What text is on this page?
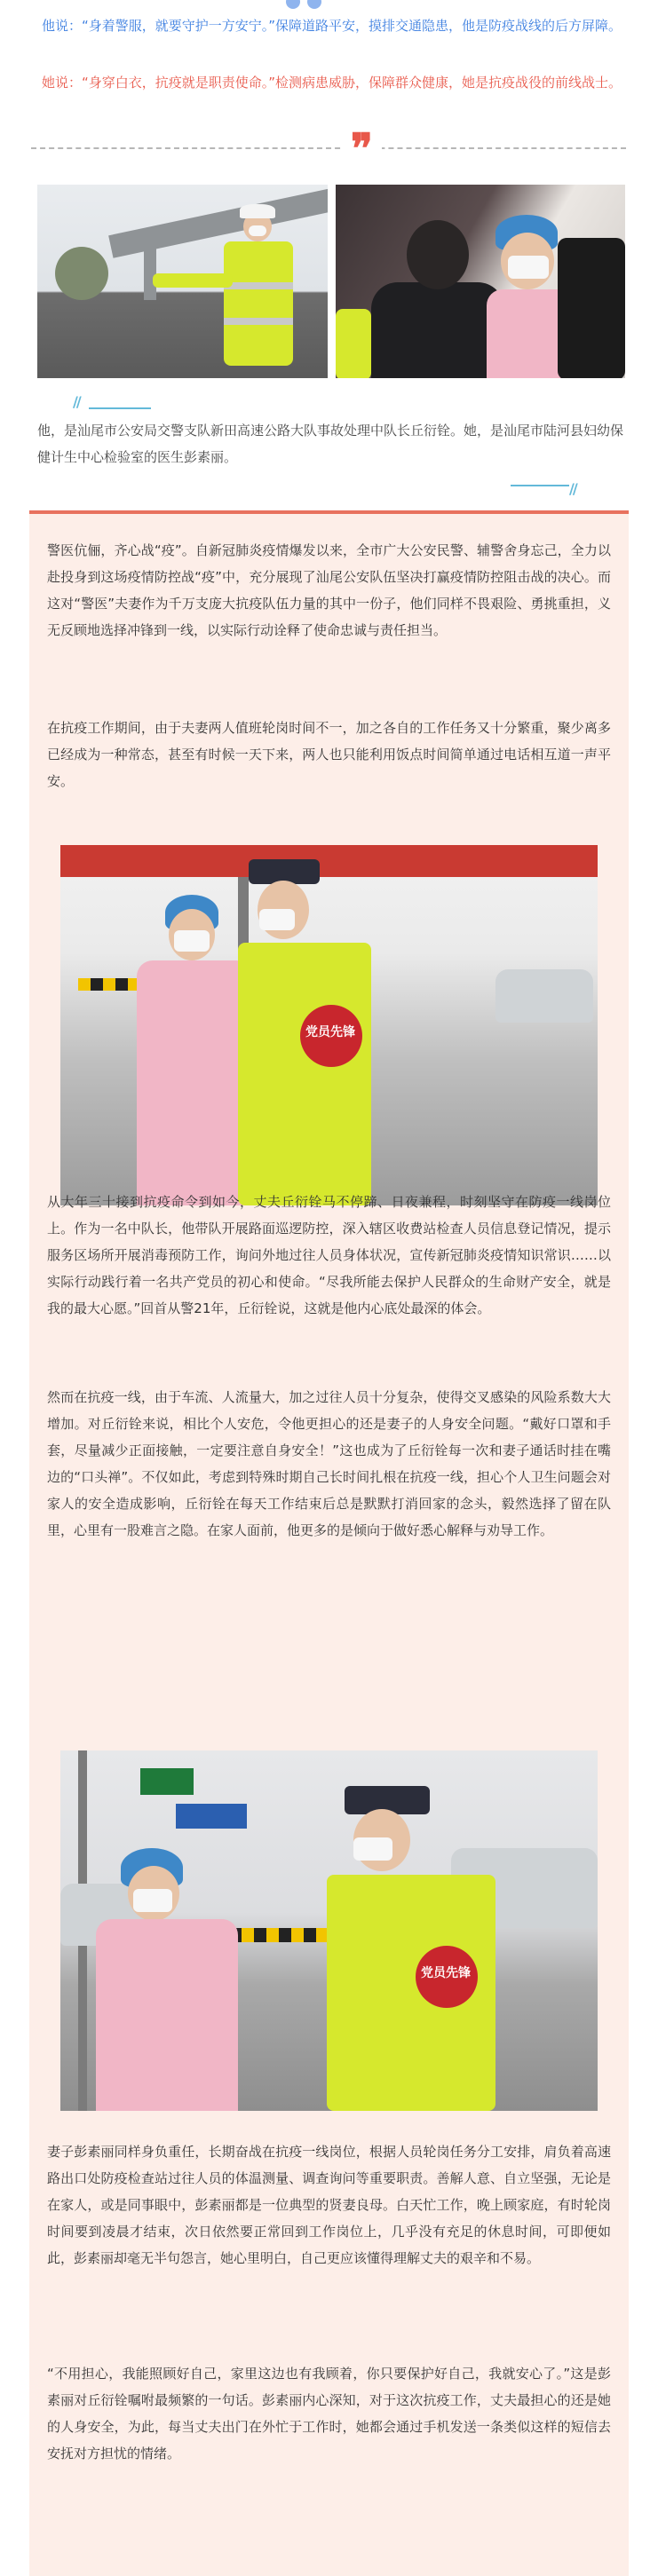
他说：“身着警服，就要守护一方安宁。”保障道路平安，摸排交通隐患，他是防疫战线的后方屏障。

她说：“身穿白衣，抗疫就是职责使命。”检测病患威胁，保障群众健康，她是抗疫战役的前线战士。

❞
//

他，是汕尾市公安局交警支队新田高速公路大队事故处理中队长丘衍铨。她，是汕尾市陆河县妇幼保健计生中心检验室的医生彭素丽。

//

警医伉俪，齐心战“疫”。自新冠肺炎疫情爆发以来，全市广大公安民警、辅警舍身忘己，全力以赴投身到这场疫情防控战“疫”中，充分展现了汕尾公安队伍坚决打赢疫情防控阻击战的决心。而这对“警医”夫妻作为千万支庞大抗疫队伍力量的其中一份子，他们同样不畏艰险、勇挑重担，义无反顾地选择冲锋到一线，以实际行动诠释了使命忠诚与责任担当。

在抗疫工作期间，由于夫妻两人值班轮岗时间不一，加之各自的工作任务又十分繁重，聚少离多已经成为一种常态，甚至有时候一天下来，两人也只能利用饭点时间简单通过电话相互道一声平安。

党员先锋

从大年三十接到抗疫命令到如今，丈夫丘衍铨马不停蹄、日夜兼程，时刻坚守在防疫一线岗位上。作为一名中队长，他带队开展路面巡逻防控，深入辖区收费站检查人员信息登记情况，提示服务区场所开展消毒预防工作，询问外地过往人员身体状况，宣传新冠肺炎疫情知识常识……以实际行动践行着一名共产党员的初心和使命。“尽我所能去保护人民群众的生命财产安全，就是我的最大心愿。”回首从警21年，丘衍铨说，这就是他内心底处最深的体会。

然而在抗疫一线，由于车流、人流量大，加之过往人员十分复杂，使得交叉感染的风险系数大大增加。对丘衍铨来说，相比个人安危，令他更担心的还是妻子的人身安全问题。“戴好口罩和手套，尽量减少正面接触，一定要注意自身安全！”这也成为了丘衍铨每一次和妻子通话时挂在嘴边的“口头禅”。不仅如此，考虑到特殊时期自己长时间扎根在抗疫一线，担心个人卫生问题会对家人的安全造成影响，丘衍铨在每天工作结束后总是默默打消回家的念头，毅然选择了留在队里，心里有一股难言之隐。在家人面前，他更多的是倾向于做好悉心解释与劝导工作。

党员先锋

妻子彭素丽同样身负重任，长期奋战在抗疫一线岗位，根据人员轮岗任务分工安排，肩负着高速路出口处防疫检查站过往人员的体温测量、调查询问等重要职责。善解人意、自立坚强，无论是在家人，或是同事眼中，彭素丽都是一位典型的贤妻良母。白天忙工作，晚上顾家庭，有时轮岗时间要到凌晨才结束，次日依然要正常回到工作岗位上，几乎没有充足的休息时间，可即便如此，彭素丽却毫无半句怨言，她心里明白，自己更应该懂得理解丈夫的艰辛和不易。

“不用担心，我能照顾好自己，家里这边也有我顾着，你只要保护好自己，我就安心了。”这是彭素丽对丘衍铨嘱咐最频繁的一句话。彭素丽内心深知，对于这次抗疫工作，丈夫最担心的还是她的人身安全，为此，每当丈夫出门在外忙于工作时，她都会通过手机发送一条类似这样的短信去安抚对方担忧的情绪。
